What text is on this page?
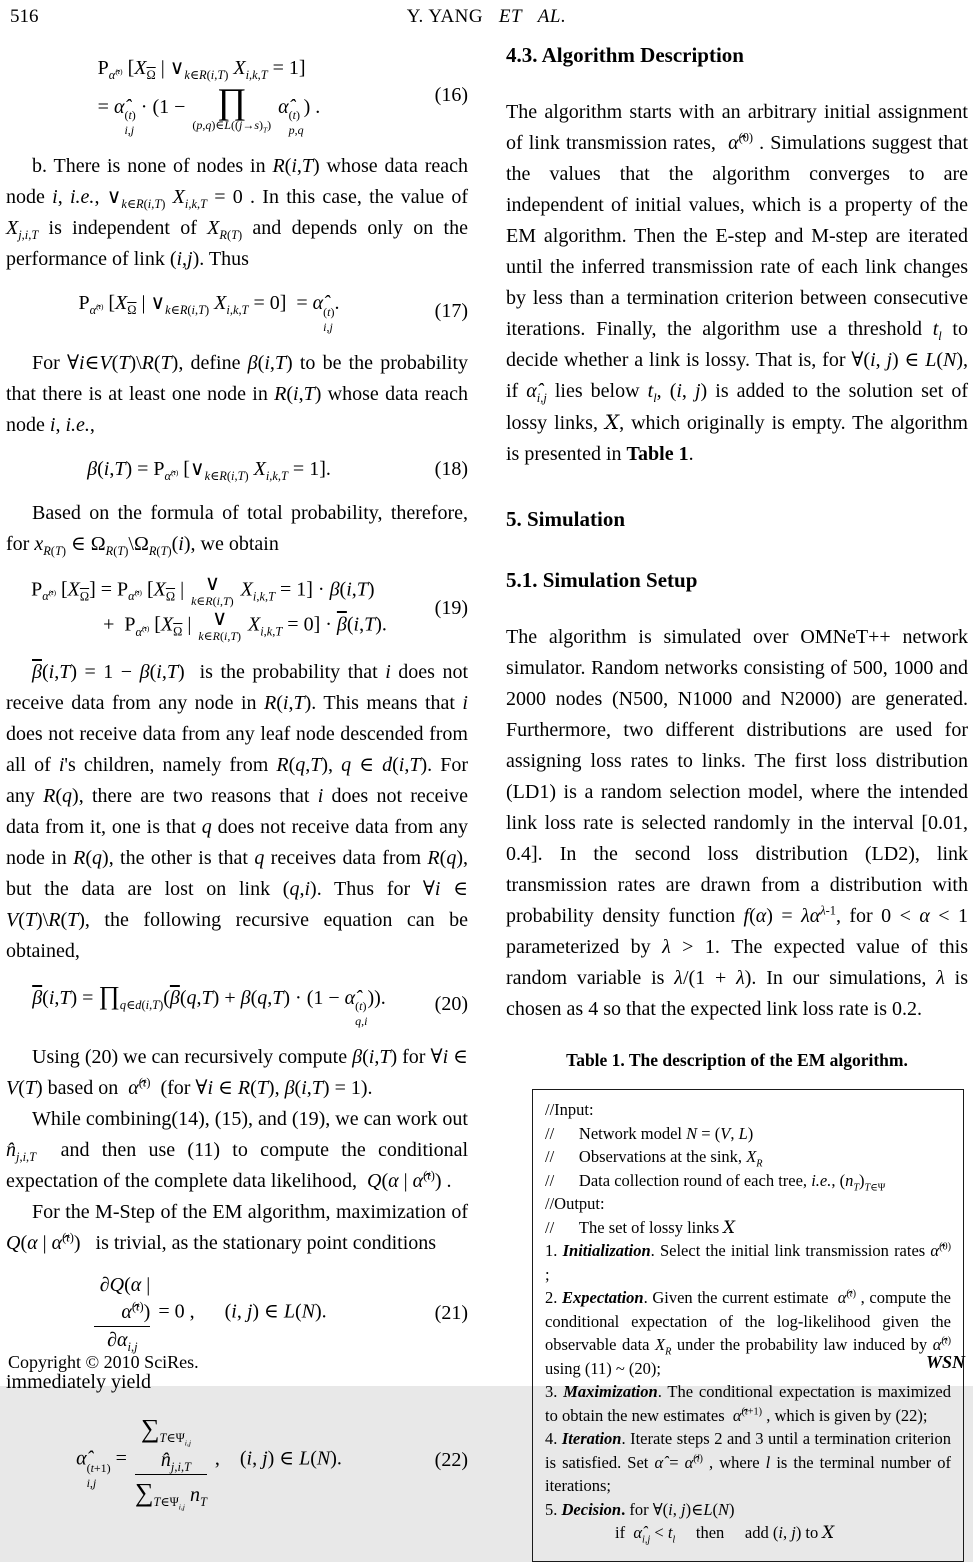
516	Y. YANG   ET   AL.
$P_{\alphâ^{(t)}}$ [$X_{\overline{\Omega}}$ | $\vee_{k\in R(i,T)}$ $X_{i,k,T} = 1$]
= α̂ (t)
i,j
· (1 − ∏
$(p,q)\in L((j\to s)_T)$
α̂ (t)
p,q
) .
(16)

b. There is none of nodes in R(i,T) whose data reach node i, i.e., $\vee_{k\in R(i,T)}$ $X_{i,k,T} = 0$ . In this case, the value of $X_{j,i,T}$ is independent of $X_{R(T)}$ and depends only on the performance of link (i,j). Thus

$P_{\alphâ^{(t)}}$ [$X_{\overline{\Omega}}$ | $\vee_{k\in R(i,T)}$ $X_{i,k,T} = 0$]  = α̂ (t)
i,j
.	(17)

For ∀i∈V(T)\R(T), define β(i,T) to be the probability that there is at least one node in R(i,T) whose data reach node i, i.e.,

$\beta(i,T) = P_{\alphâ^{(t)}}$ [$\vee_{k\in R(i,T)}$ $X_{i,k,T} = 1$].	(18)

Based on the formula of total probability, therefore, for $x_{R(T)}$ ∈ $\Omega_{R(T)}\backslash\Omega_{R(T)}(i)$, we obtain

$P_{\alphâ^{(t)}}$ $[X_{\overline{\Omega}}] = P_{\alphâ^{(t)}}$ [$X_{\overline{\Omega}}$ | ∨
k∈R(i,T)
$X_{i,k,T} = 1] \cdot \beta(i,T)$
+  $P_{\alphâ^{(t)}}$ [$X_{\overline{\Omega}}$ | ∨
k∈R(i,T)
$X_{i,k,T} = 0] \cdot \overline{\beta}(i,T)$.
(19)

$\overline{\beta}(i,T) = 1 - \beta(i,T)$  is the probability that i does not receive data from any node in R(i,T). This means that i does not receive data from any leaf node descended from all of i's children, namely from R(q,T), q ∈ d(i,T). For any R(q), there are two reasons that i does not receive data from it, one is that q does not receive data from any node in R(q), the other is that q receives data from R(q), but the data are lost on link (q,i). Thus for ∀i ∈ V(T)\R(T), the following recursive equation can be obtained,

$\overline{\beta}(i,T)$ = $\prod_{q\in d(i,T)}(\overline{\beta}(q,T) + \beta(q,T) \cdot (1$ − α̂ (t)
q,i
)).	(20)

Using (20) we can recursively compute β(i,T) for ∀i ∈ V(T) based on  α̂$^{(t)}$  (for ∀i ∈ R(T), β(i,T) = 1).

While combining(14), (15), and (19), we can work out $n̂_{j,i,T}$  and then use (11) to compute the conditional expectation of the complete data likelihood,  Q(α | α̂$^{(t)}$) .

For the M-Step of the EM algorithm, maximization of Q(α | α̂$^{(t)}$)   is trivial, as the stationary point conditions

$\frac{\partial Q(\alpha | \alphâ^{(t)})}{\partial\alpha_{i,j}} = 0$ ,      (i, j) ∈ L(N).	(21)

immediately yield

α̂ (t+1)
i,j
= $\frac{\sum_{T\in\Psi_{i,j}} n̂_{j,i,T}}{\sum_{T\in\Psi_{i,j}} n_T}$ ,    (i, j) ∈ L(N).	(22)
4.3. Algorithm Description

The algorithm starts with an arbitrary initial assignment of link transmission rates,  α̂$^{(0)}$ . Simulations suggest that the values that the algorithm converges to are independent of initial values, which is a property of the EM algorithm. Then the E-step and M-step are iterated until the inferred transmission rate of each link changes by less than a termination criterion between consecutive iterations. Finally, the algorithm use a threshold $t_l$ to decide whether a link is lossy. That is, for ∀(i, j) ∈ L(N), if $\alphâ_{i,j}$ lies below $t_l$, (i, j) is added to the solution set of lossy links, X, which originally is empty. The algorithm is presented in Table 1.

5. Simulation
5.1. Simulation Setup

The algorithm is simulated over OMNeT++ network simulator. Random networks consisting of 500, 1000 and 2000 nodes (N500, N1000 and N2000) are generated. Furthermore, two different distributions are used for assigning loss rates to links. The first loss distribution (LD1) is a random selection model, where the intended link loss rate is selected randomly in the interval [0.01, 0.4]. In the second loss distribution (LD2), link transmission rates are drawn from a distribution with probability density function $f(\alpha) = \lambda\alpha^{\lambda-1}$, for 0 < α < 1 parameterized by λ > 1. The expected value of this random variable is λ/(1 + λ). In our simulations, λ is chosen as 4 so that the expected link loss rate is 0.2.

Table 1. The description of the EM algorithm.

//Input:

//      Network model N = (V, L)

//      Observations at the sink, $X_R$

//      Data collection round of each tree, i.e., $(n_T)_{T\in\Psi}$

//Output:

//      The set of lossy links X

1. Initialization. Select the initial link transmission rates α̂$^{(0)}$ ;

2. Expectation. Given the current estimate  α̂$^{(t)}$ , compute the conditional expectation of the log-likelihood given the observable data $X_R$ under the probability law induced by α̂$^{(t)}$ using (11) ~ (20);

3. Maximization. The conditional expectation is maximized to obtain the new estimates  α̂$^{(t+1)}$ , which is given by (22);

4. Iteration. Iterate steps 2 and 3 until a termination criterion is satisfied. Set α̂ = α̂$^{(l)}$ , where l is the terminal number of iterations;

5. Decision. for ∀(i, j)∈L(N)

if  $\alphâ_{i,j} < t_l$     then     add (i, j) to X

Copyright © 2010 SciRes.	WSN
